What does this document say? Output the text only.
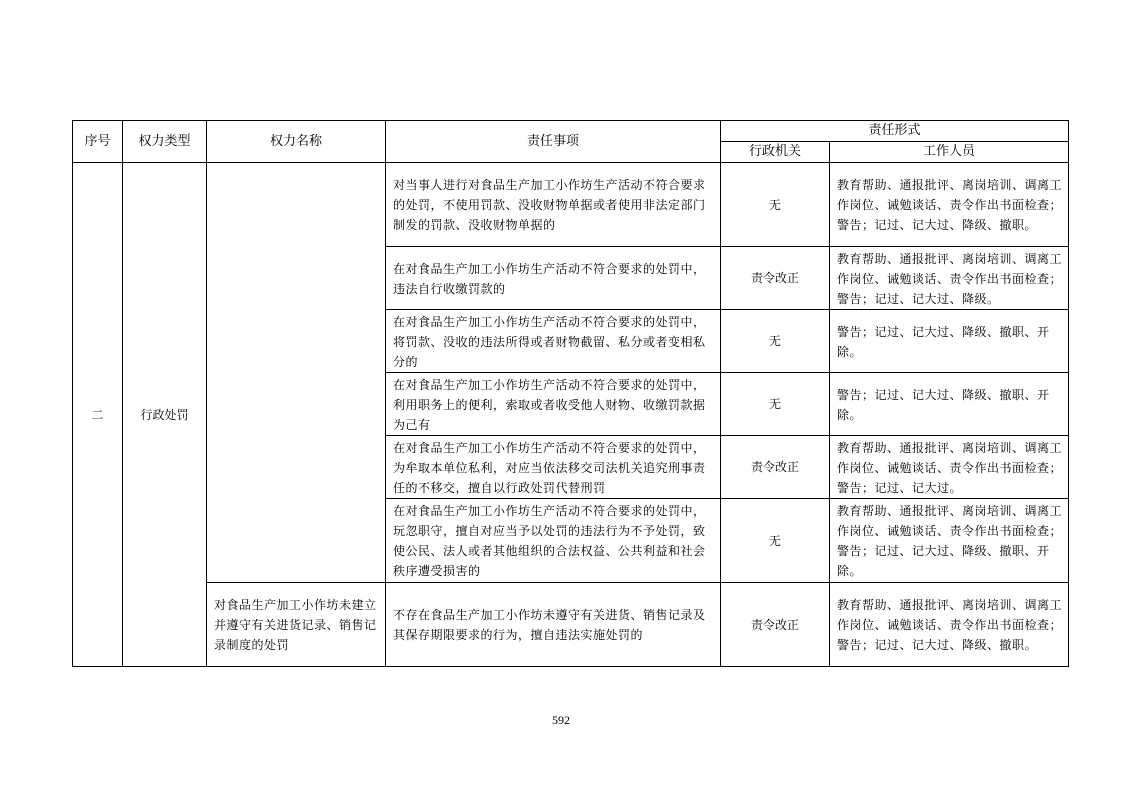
序号	权力类型	权力名称	责任事项	责任形式	
				行政机关	工作人员
二	行政处罚		对当事人进行对食品生产加工小作坊生产活动不符合要求的处罚，不使用罚款、没收财物单据或者使用非法定部门制发的罚款、没收财物单据的	无	教育帮助、通报批评、离岗培训、调离工作岗位、诫勉谈话、责令作出书面检查；警告；记过、记大过、降级、撤职。
			在对食品生产加工小作坊生产活动不符合要求的处罚中，违法自行收缴罚款的	责令改正	教育帮助、通报批评、离岗培训、调离工作岗位、诫勉谈话、责令作出书面检查；警告；记过、记大过、降级。
			在对食品生产加工小作坊生产活动不符合要求的处罚中，将罚款、没收的违法所得或者财物截留、私分或者变相私分的	无	警告；记过、记大过、降级、撤职、开除。
			在对食品生产加工小作坊生产活动不符合要求的处罚中，利用职务上的便利，索取或者收受他人财物、收缴罚款据为己有	无	警告；记过、记大过、降级、撤职、开除。
			在对食品生产加工小作坊生产活动不符合要求的处罚中，为牟取本单位私利，对应当依法移交司法机关追究刑事责任的不移交，擅自以行政处罚代替刑罚	责令改正	教育帮助、通报批评、离岗培训、调离工作岗位、诫勉谈话、责令作出书面检查；警告；记过、记大过。
			在对食品生产加工小作坊生产活动不符合要求的处罚中，玩忽职守，擅自对应当予以处罚的违法行为不予处罚，致使公民、法人或者其他组织的合法权益、公共利益和社会秩序遭受损害的	无	教育帮助、通报批评、离岗培训、调离工作岗位、诫勉谈话、责令作出书面检查；警告；记过、记大过、降级、撤职、开除。
		对食品生产加工小作坊未建立并遵守有关进货记录、销售记录制度的处罚	不存在食品生产加工小作坊未遵守有关进货、销售记录及其保存期限要求的行为，擅自违法实施处罚的	责令改正	教育帮助、通报批评、离岗培训、调离工作岗位、诫勉谈话、责令作出书面检查；警告；记过、记大过、降级、撤职。
592
